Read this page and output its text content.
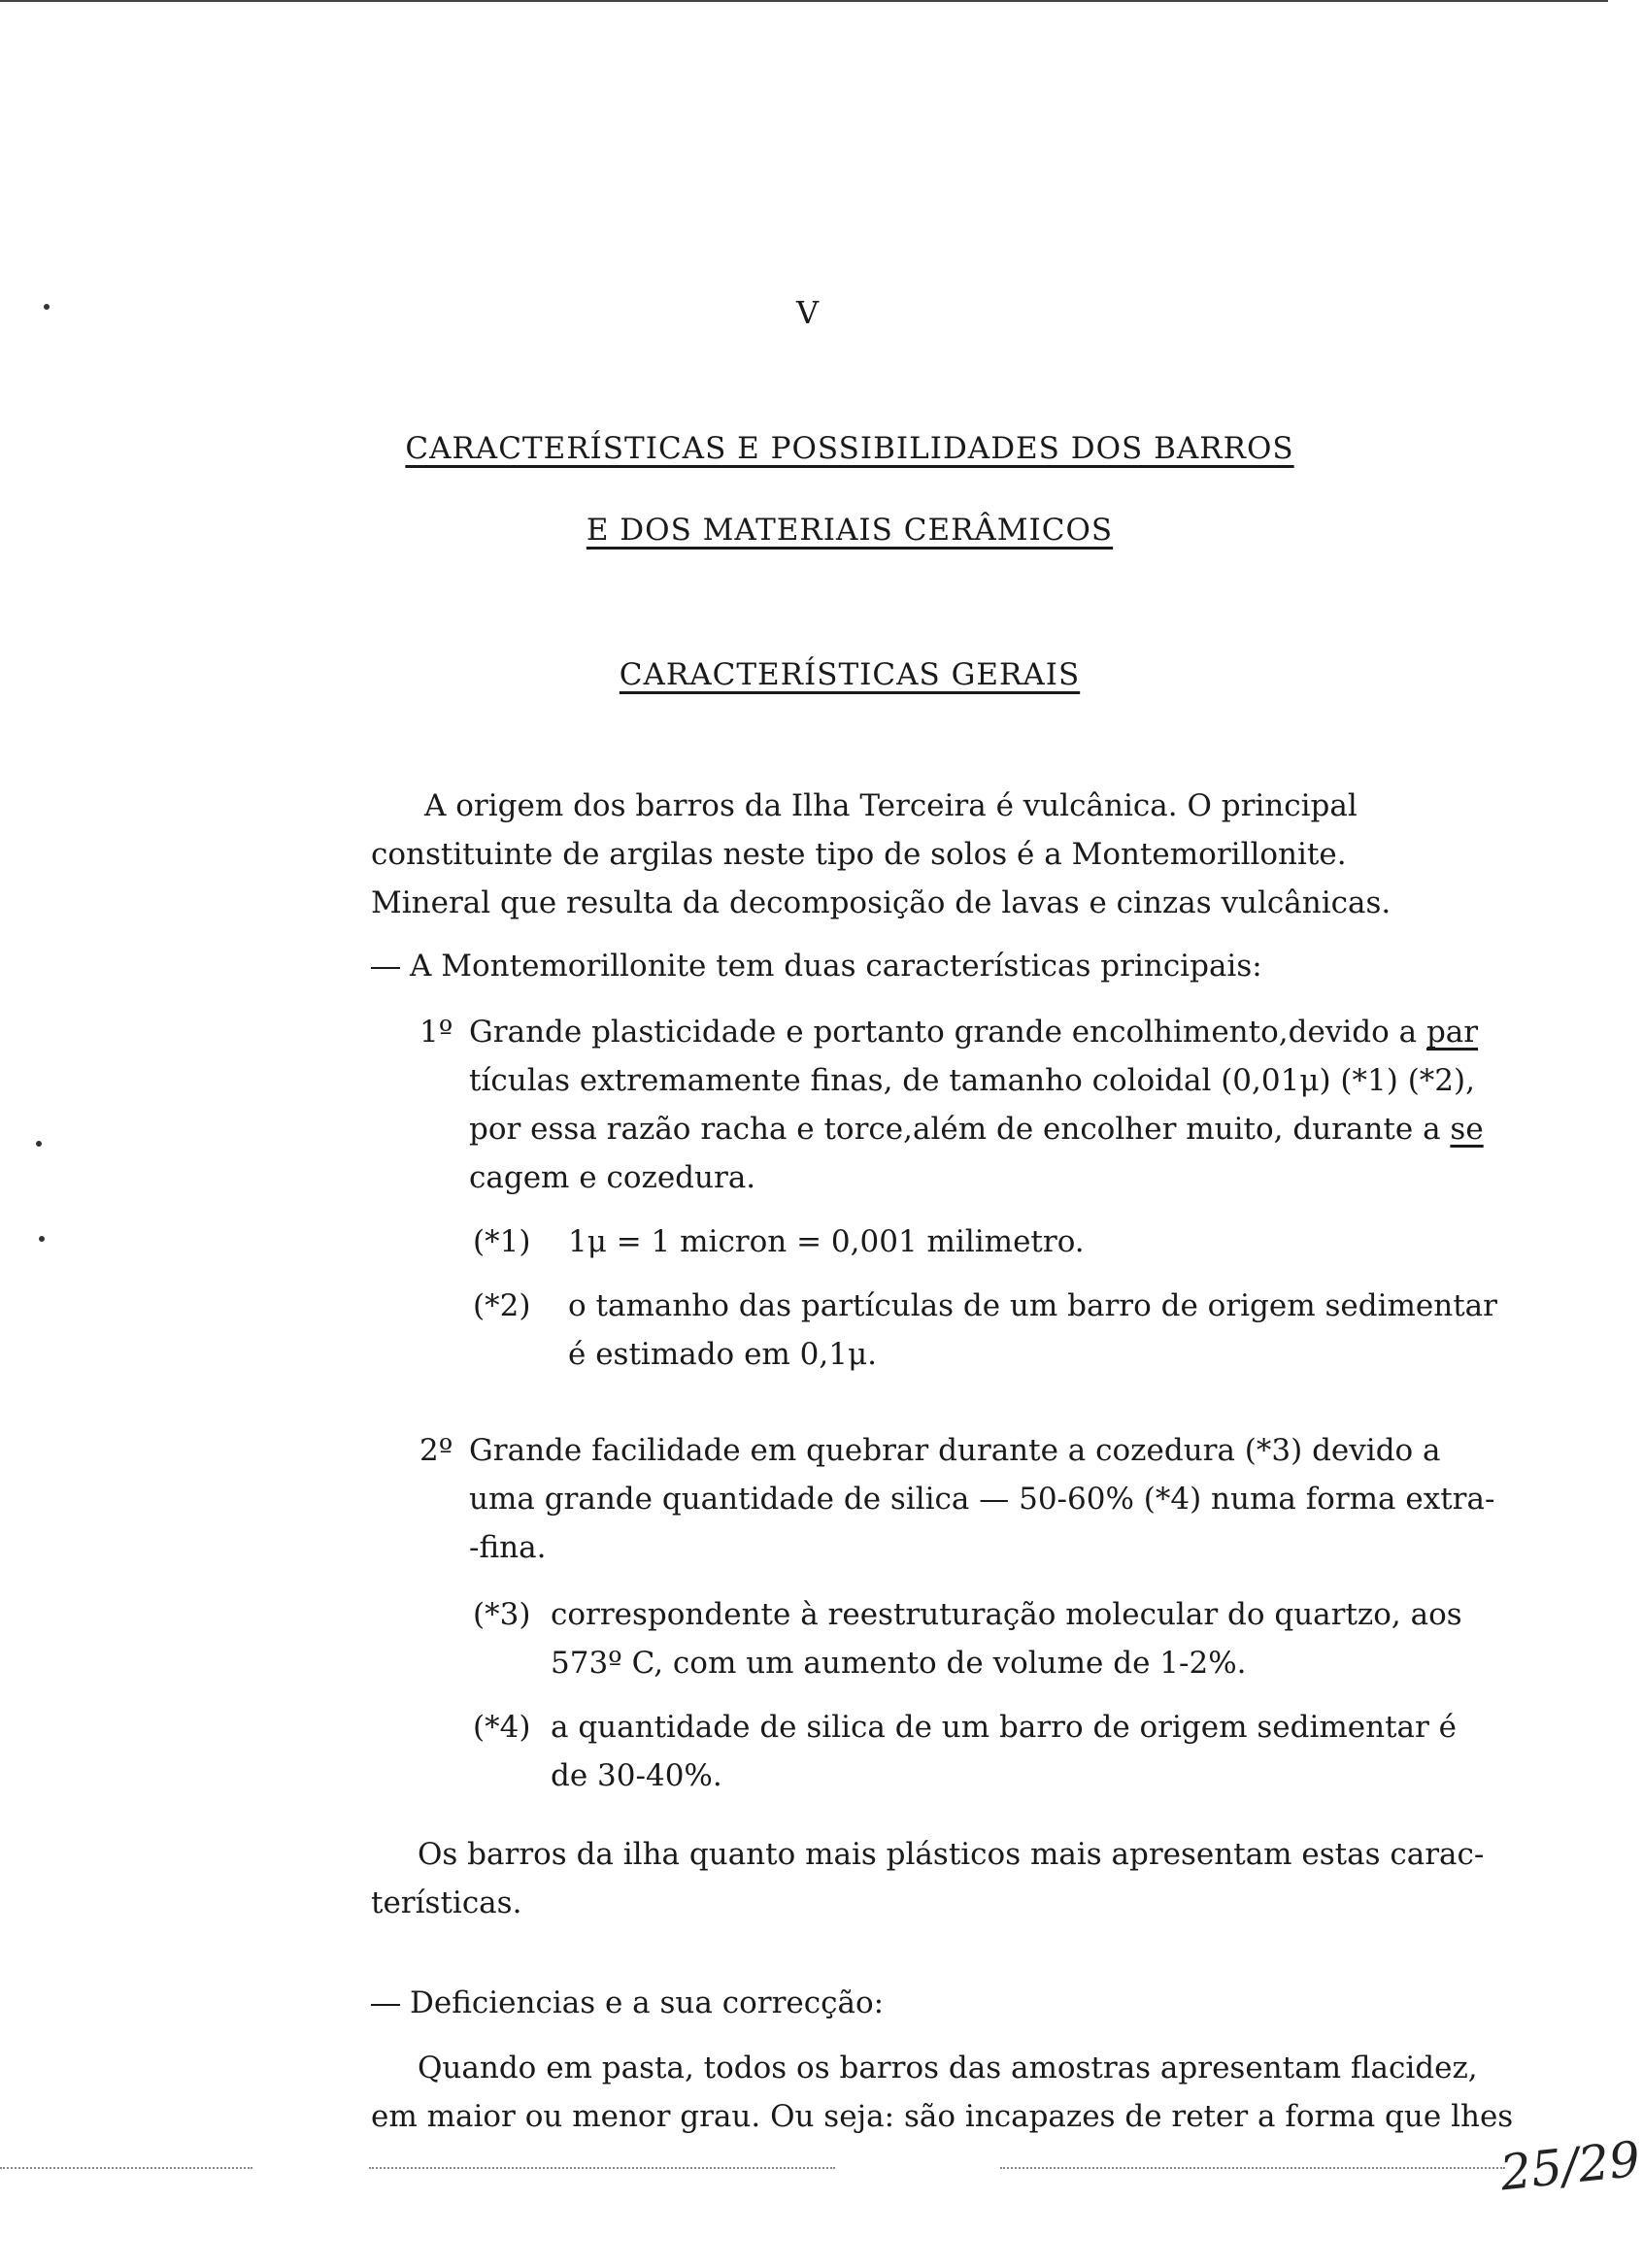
V
CARACTERÍSTICAS E POSSIBILIDADES DOS BARROS
E DOS MATERIAIS CERÂMICOS
CARACTERÍSTICAS GERAIS
A origem dos barros da Ilha Terceira é vulcânica. O principal
constituinte de argilas neste tipo de solos é a Montemorillonite.
Mineral que resulta da decomposição de lavas e cinzas vulcânicas.
A Montemorillonite tem duas características principais:
1º Grande plasticidade e portanto grande encolhimento,devido a par
tículas extremamente finas, de tamanho coloidal (0,01μ) (*1) (*2),
por essa razão racha e torce,além de encolher muito, durante a se
cagem e cozedura.
(*1) 1μ = 1 micron = 0,001 milimetro.
(*2) o tamanho das partículas de um barro de origem sedimentar
é estimado em 0,1μ.
2º Grande facilidade em quebrar durante a cozedura (*3) devido a
uma grande quantidade de silica — 50-60% (*4) numa forma extra-
-fina.
(*3) correspondente à reestruturação molecular do quartzo, aos
573º C, com um aumento de volume de 1-2%.
(*4) a quantidade de silica de um barro de origem sedimentar é
de 30-40%.
Os barros da ilha quanto mais plásticos mais apresentam estas carac-
terísticas.
Deficiencias e a sua correcção:
Quando em pasta, todos os barros das amostras apresentam flacidez,
em maior ou menor grau. Ou seja: são incapazes de reter a forma que lhes
25/29
